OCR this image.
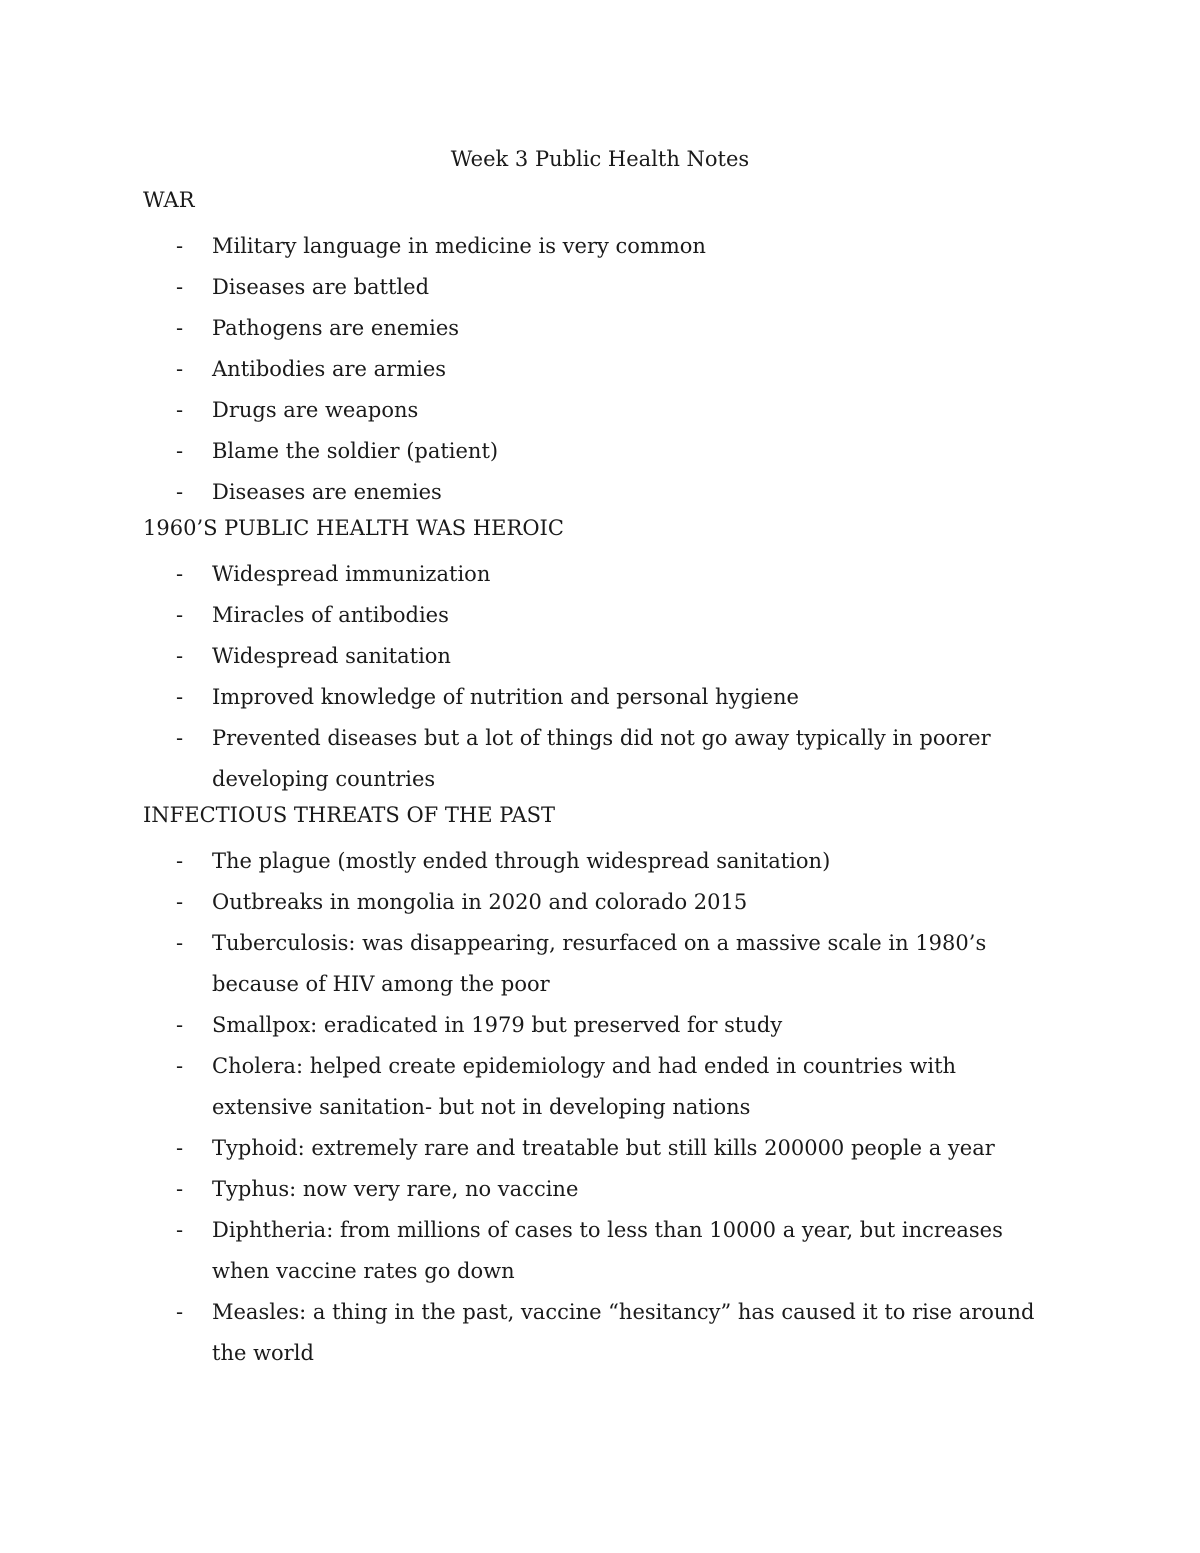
Week 3 Public Health Notes
WAR
- Military language in medicine is very common
- Diseases are battled
- Pathogens are enemies
- Antibodies are armies
- Drugs are weapons
- Blame the soldier (patient)
- Diseases are enemies
1960’S PUBLIC HEALTH WAS HEROIC
- Widespread immunization
- Miracles of antibodies
- Widespread sanitation
- Improved knowledge of nutrition and personal hygiene
- Prevented diseases but a lot of things did not go away typically in poorer developing countries
INFECTIOUS THREATS OF THE PAST
- The plague (mostly ended through widespread sanitation)
- Outbreaks in mongolia in 2020 and colorado 2015
- Tuberculosis: was disappearing, resurfaced on a massive scale in 1980’s because of HIV among the poor
- Smallpox: eradicated in 1979 but preserved for study
- Cholera: helped create epidemiology and had ended in countries with extensive sanitation- but not in developing nations
- Typhoid: extremely rare and treatable but still kills 200000 people a year
- Typhus: now very rare, no vaccine
- Diphtheria: from millions of cases to less than 10000 a year, but increases when vaccine rates go down
- Measles: a thing in the past, vaccine “hesitancy” has caused it to rise around the world
